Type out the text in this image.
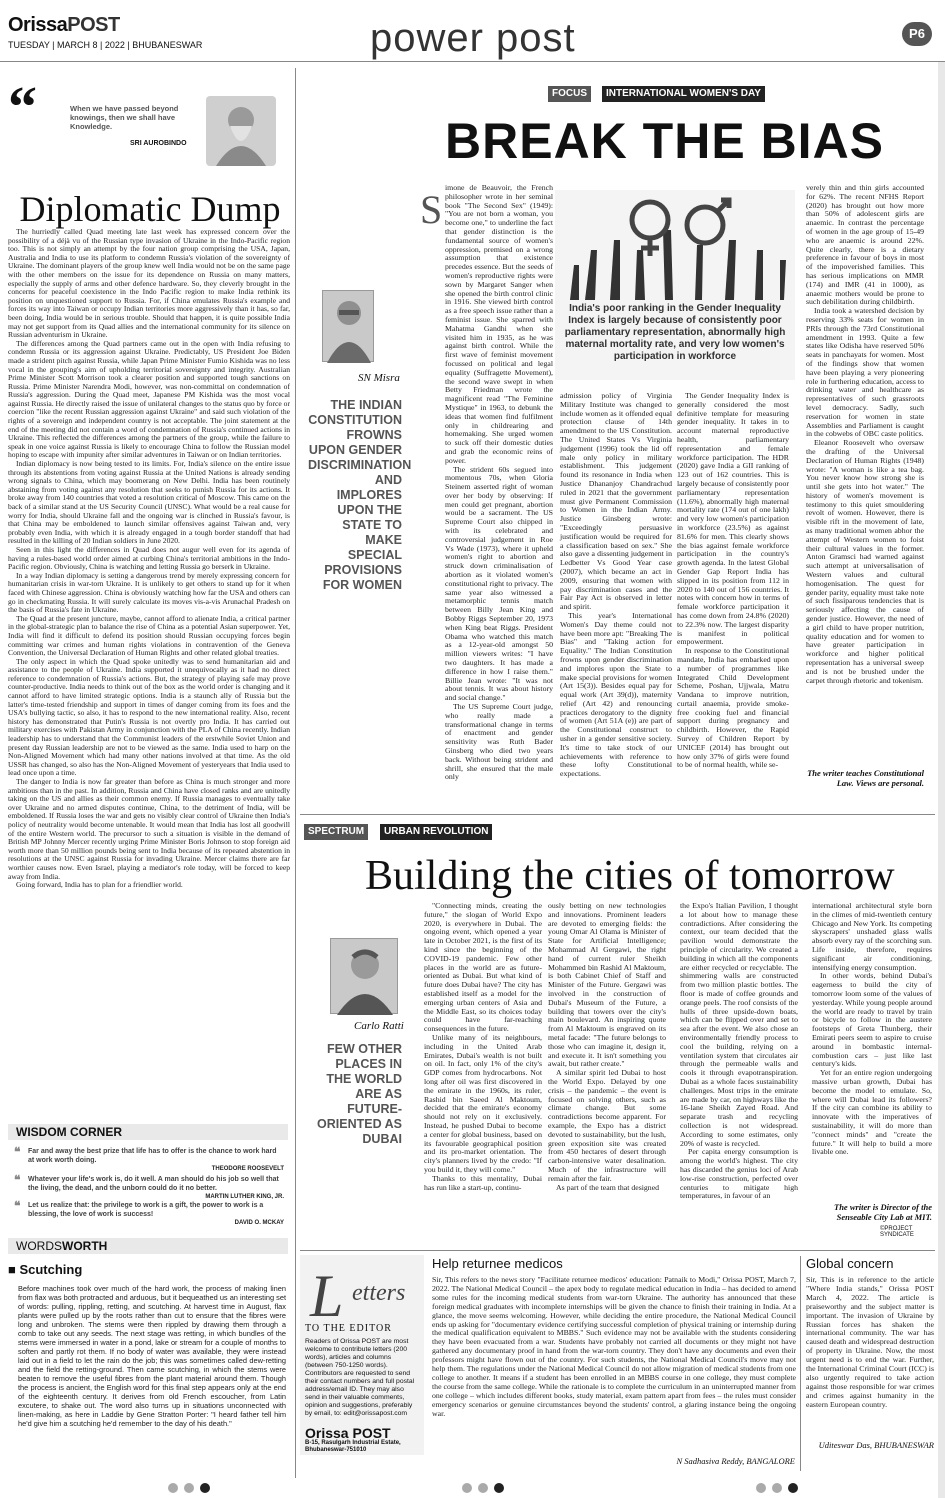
OrissaPOST
TUESDAY | MARCH 8 | 2022 | BHUBANESWAR	power post	P6
“	When we have passed beyond knowings, then we shall have Knowledge.
SRI AUROBINDO
Diplomatic Dump

The hurriedly called Quad meeting late last week has expressed concern over the possibility of a déjà vu of the Russian type invasion of Ukraine in the Indo-Pacific region too. This is not simply an attempt by the four nation group comprising the USA, Japan, Australia and India to use its platform to condemn Russia's violation of the sovereignty of Ukraine. The dominant players of the group knew well India would not be on the same page with the other members on the issue for its dependence on Russia on many matters, especially the supply of arms and other defence hardware. So, they cleverly brought in the concerns for peaceful coexistence in the Indo Pacific region to make India rethink its position on unquestioned support to Russia. For, if China emulates Russia's example and forces its way into Taiwan or occupy Indian territories more aggressively than it has, so far, been doing, India would be in serious trouble. Should that happen, it is quite possible India may not get support from its Quad allies and the international community for its silence on Russian adventurism in Ukraine.

The differences among the Quad partners came out in the open with India refusing to condemn Russia or its aggression against Ukraine. Predictably, US President Joe Biden made a strident pitch against Russia, while Japan Prime Minister Fumio Kishida was no less vocal in the grouping's aim of upholding territorial sovereignty and integrity. Australian Prime Minister Scott Morrison took a clearer position and supported tough sanctions on Russia. Prime Minister Narendra Modi, however, was non-committal on condemnation of Russia's aggression. During the Quad meet, Japanese PM Kishida was the most vocal against Russia. He directly raised the issue of unilateral changes to the status quo by force or coercion "like the recent Russian aggression against Ukraine" and said such violation of the rights of a sovereign and independent country is not acceptable. The joint statement at the end of the meeting did not contain a word of condemnation of Russia's continued actions in Ukraine. This reflected the differences among the partners of the group, while the failure to speak in one voice against Russia is likely to encourage China to follow the Russian model hoping to escape with impunity after similar adventures in Taiwan or on Indian territories.

Indian diplomacy is now being tested to its limits. For, India's silence on the entire issue through its abstentions from voting against Russia at the United Nations is already sending wrong signals to China, which may boomerang on New Delhi. India has been routinely abstaining from voting against any resolution that seeks to punish Russia for its actions. It broke away from 140 countries that voted a resolution critical of Moscow. This came on the back of a similar stand at the US Security Council (UNSC). What would be a real cause for worry for India, should Ukraine fall and the ongoing war is clinched in Russia's favour, is that China may be emboldened to launch similar offensives against Taiwan and, very probably even India, with which it is already engaged in a tough border standoff that had resulted in the killing of 20 Indian soldiers in June 2020.

Seen in this light the differences in Quad does not augur well even for its agenda of having a rules-based world order aimed at curbing China's territorial ambitions in the Indo-Pacific region. Obviously, China is watching and letting Russia go berserk in Ukraine.

In a way Indian diplomacy is setting a dangerous trend by merely expressing concern for humanitarian crisis in war-torn Ukraine. It is unlikely to get others to stand up for it when faced with Chinese aggression. China is obviously watching how far the USA and others can go in checkmating Russia. It will surely calculate its moves vis-a-vis Arunachal Pradesh on the basis of Russia's fate in Ukraine.

The Quad at the present juncture, maybe, cannot afford to alienate India, a critical partner in the global-strategic plan to balance the rise of China as a potential Asian superpower. Yet, India will find it difficult to defend its position should Russian occupying forces begin committing war crimes and human rights violations in contravention of the Geneva Convention, the Universal Declaration of Human Rights and other related global treaties.

The only aspect in which the Quad spoke unitedly was to send humanitarian aid and assistance to the people of Ukraine. India supported it unequivocally as it had no direct reference to condemnation of Russia's actions. But, the strategy of playing safe may prove counter-productive. India needs to think out of the box as the world order is changing and it cannot afford to have limited strategic options. India is a staunch ally of Russia but the latter's time-tested friendship and support in times of danger coming from its foes and the USA's bullying tactic, so also, it has to respond to the new international reality. Also, recent history has demonstrated that Putin's Russia is not overtly pro India. It has carried out military exercises with Pakistan Army in conjunction with the PLA of China recently. Indian leadership has to understand that the Communist leaders of the erstwhile Soviet Union and present day Russian leadership are not to be viewed as the same. India used to harp on the Non-Aligned Movement which had many other nations involved at that time. As the old USSR has changed, so also has the Non-Aligned Movement of yesteryears that India used to lead once upon a time.

The danger to India is now far greater than before as China is much stronger and more ambitious than in the past. In addition, Russia and China have closed ranks and are unitedly taking on the US and allies as their common enemy. If Russia manages to eventually take over Ukraine and no armed disputes continue, China, to the detriment of India, will be emboldened. If Russia loses the war and gets no visibly clear control of Ukraine then India's policy of neutrality would become untenable. It would mean that India has lost all goodwill of the entire Western world. The precursor to such a situation is visible in the demand of British MP Johnny Mercer recently urging Prime Minister Boris Johnson to stop foreign aid worth more than 50 million pounds being sent to India because of its repeated abstention in resolutions at the UNSC against Russia for invading Ukraine. Mercer claims there are far worthier causes now. Even Israel, playing a mediator's role today, will be forced to keep away from India.

Going forward, India has to plan for a friendlier world.

WISDOM CORNER
❝	Far and away the best prize that life has to offer is the chance to work hard at work worth doing.
THEODORE ROOSEVELT
❝	Whatever your life's work is, do it well. A man should do his job so well that the living, the dead, and the unborn could do it no better.
MARTIN LUTHER KING, JR.
❝	Let us realize that: the privilege to work is a gift, the power to work is a blessing, the love of work is success!
DAVID O. MCKAY
WORDSWORTH
■ Scutching
Before machines took over much of the hard work, the process of making linen from flax was both protracted and arduous, but it bequeathed us an interesting set of words: pulling, rippling, retting, and scutching. At harvest time in August, flax plants were pulled up by the roots rather than cut to ensure that the fibres were long and unbroken. The stems were then rippled by drawing them through a comb to take out any seeds. The next stage was retting, in which bundles of the stems were immersed in water in a pond, lake or stream for a couple of months to soften and partly rot them. If no body of water was available, they were instead laid out in a field to let the rain do the job; this was sometimes called dew-retting and the field the retting-ground. Then came scutching, in which the stems were beaten to remove the useful fibres from the plant material around them. Though the process is ancient, the English word for this final step appears only at the end of the eighteenth century. It derives from old French escoucher, from Latin excutere, to shake out. The word also turns up in situations unconnected with linen-making, as here in Laddie by Gene Stratton Porter: "I heard father tell him he'd give him a scutching he'd remember to the day of his death."
FOCUS	INTERNATIONAL WOMEN'S DAY
BREAK THE BIAS
SN Misra
THE INDIAN CONSTITUTION FROWNS UPON GENDER DISCRIMINATION AND IMPLORES UPON THE STATE TO MAKE SPECIAL PROVISIONS FOR WOMEN
India's poor ranking in the Gender Inequality Index is largely because of consistently poor parliamentary representation, abnormally high maternal mortality rate, and very low women's participation in workforce
S imone de Beauvoir, the French philosopher wrote in her seminal book "The Second Sex" (1949): "You are not born a woman, you become one," to underline the fact that gender distinction is the fundamental source of women's oppression, premised on a wrong assumption that existence precedes essence. But the seeds of women's reproductive rights were sown by Margaret Sanger when she opened the birth control clinic in 1916. She viewed birth control as a free speech issue rather than a feminist issue. She sparred with Mahatma Gandhi when she visited him in 1935, as he was against birth control. While the first wave of feminist movement focussed on political and legal equality (Suffragette Movement), the second wave swept in when Betty Friedman wrote the magnificent read "The Feminine Mystique" in 1963, to debunk the ideas that women find fulfilment only in childrearing and homemaking. She urged women to suck off their domestic duties and grab the economic reins of power.

The strident 60s segued into momentous 70s, when Gloria Steinem asserted right of woman over her body by observing: If men could get pregnant, abortion would be a sacrament. The US Supreme Court also chipped in with its celebrated and controversial judgement in Roe Vs Wade (1973), where it upheld women's right to abortion and struck down criminalisation of abortion as it violated women's constitutional right to privacy. The same year also witnessed a metamorphic tennis match between Billy Jean King and Bobby Riggs September 20, 1973 when King beat Riggs. President Obama who watched this match as a 12-year-old amongst 50 million viewers writes: "I have two daughters. It has made a difference in how I raise them." Billie Jean wrote: "It was not about tennis. It was about history and social change."

The US Supreme Court judge, who really made a transformational change in terms of enactment and gender sensitivity was Ruth Bader Ginsberg who died two years back. Without being strident and shrill, she ensured that the male only

admission policy of Virginia Military Institute was changed to include women as it offended equal protection clause of 14th amendment to the US Constitution. The United States Vs Virginia judgement (1996) took the lid off male only policy in military establishment. This judgement found its resonance in India when Justice Dhananjoy Chandrachud ruled in 2021 that the government must give Permanent Commission to Women in the Indian Army. Justice Ginsberg wrote: "Exceedingly persuasive justification would be required for a classification based on sex." She also gave a dissenting judgement in Ledbetter Vs Good Year case (2007), which became an act in 2009, ensuring that women with pay discrimination cases and the Fair Pay Act is observed in letter and spirit.

This year's International Women's Day theme could not have been more apt: "Breaking The Bias" and "Taking action for Equality." The Indian Constitution frowns upon gender discrimination and implores upon the State to make special provisions for women (Art 15(3)). Besides equal pay for equal work (Art 39(d)), maternity relief (Art 42) and renouncing practices derogatory to the dignity of women (Art 51A (e)) are part of the Constitutional construct to usher in a gender sensitive society. It's time to take stock of our achievements with reference to these lofty Constitutional expectations.

The Gender Inequality Index is generally considered the most definitive template for measuring gender inequality. It takes in to account maternal reproductive health, parliamentary representation and female workforce participation. The HDR (2020) gave India a GII ranking of 123 out of 162 countries. This is largely because of consistently poor parliamentary representation (11.6%), abnormally high maternal mortality rate (174 out of one lakh) and very low women's participation in workforce (23.5%) as against 81.6% for men. This clearly shows the bias against female workforce participation in the country's growth agenda. In the latest Global Gender Gap Report India has slipped in its position from 112 in 2020 to 140 out of 156 countries. It notes with concern how in terms of female workforce participation it has come down from 24.8% (2020) to 22.3% now. The largest disparity is manifest in political empowerment.

In response to the Constitutional mandate, India has embarked upon a number of programmes like Integrated Child Development Scheme, Poshan, Ujjwala, Matru Vandana to improve nutrition, curtail anaemia, provide smoke-free cooking fuel and financial support during pregnancy and childbirth. However, the Rapid Survey of Children Report by UNICEF (2014) has brought out how only 37% of girls were found to be of normal health, while se-

verely thin and thin girls accounted for 62%. The recent NFHS Report (2020) has brought out how more than 50% of adolescent girls are anaemic. In contrast the percentage of women in the age group of 15-49 who are anaemic is around 22%. Quite clearly, there is a dietary preference in favour of boys in most of the impoverished families. This has serious implications on MMR (174) and IMR (41 in 1000), as anaemic mothers would be prone to such debilitation during childbirth.

India took a watershed decision by reserving 33% seats for women in PRIs through the 73rd Constitutional amendment in 1993. Quite a few states like Odisha have reserved 50% seats in panchayats for women. Most of the findings show that women have been playing a very pioneering role in furthering education, access to drinking water and healthcare as representatives of such grassroots level democracy. Sadly, such reservation for women in state Assemblies and Parliament is caught in the cobwebs of OBC caste politics.

Eleanor Roosevelt who oversaw the drafting of the Universal Declaration of Human Rights (1948) wrote: "A woman is like a tea bag. You never know how strong she is until she gets into hot water." The history of women's movement is testimony to this quiet smouldering revolt of women. However, there is visible rift in the movement of late, as many traditional women abhor the attempt of Western women to foist their cultural values in the former. Anton Gramsci had warned against such attempt at universalisation of Western values and cultural homogenisation. The quest for gender parity, equality must take note of such fissiparous tendencies that is seriously affecting the cause of gender justice. However, the need of a girl child to have proper nutrition, quality education and for women to have greater participation in workforce and higher political representation has a universal sweep and is not be brushed under the carpet through rhetoric and tokenism.

The writer teaches Constitutional Law. Views are personal.
SPECTRUM	URBAN REVOLUTION
Building the cities of tomorrow
Carlo Ratti
FEW OTHER PLACES IN THE WORLD ARE AS FUTURE-ORIENTED AS DUBAI

"Connecting minds, creating the future," the slogan of World Expo 2020, is everywhere in Dubai. The ongoing event, which opened a year late in October 2021, is the first of its kind since the beginning of the COVID-19 pandemic. Few other places in the world are as future-oriented as Dubai. But what kind of future does Dubai have? The city has established itself as a model for the emerging urban centers of Asia and the Middle East, so its choices today could have far-reaching consequences in the future.

Unlike many of its neighbours, including in the United Arab Emirates, Dubai's wealth is not built on oil. In fact, only 1% of the city's GDP comes from hydrocarbons. Not long after oil was first discovered in the emirate in the 1960s, its ruler, Rashid bin Saeed Al Maktoum, decided that the emirate's economy should not rely on it exclusively. Instead, he pushed Dubai to become a center for global business, based on its favourable geographical position and its pro-market orientation. The city's planners lived by the credo: "If you build it, they will come."

Thanks to this mentality, Dubai has run like a start-up, continu-

ously betting on new technologies and innovations. Prominent leaders are devoted to emerging fields: the young Omar Al Olama is Minister of State for Artificial Intelligence; Mohammad Al Gergawi, the right hand of current ruler Sheikh Mohammed bin Rashid Al Maktoum, is both Cabinet Chief of Staff and Minister of the Future. Gergawi was involved in the construction of Dubai's Museum of the Future, a building that towers over the city's main boulevard. An inspiring quote from Al Maktoum is engraved on its metal facade: "The future belongs to those who can imagine it, design it, and execute it. It isn't something you await, but rather create."

A similar spirit led Dubai to host the World Expo. Delayed by one crisis – the pandemic – the event is focused on solving others, such as climate change. But some contradictions become apparent. For example, the Expo has a district devoted to sustainability, but the lush, green exposition site was created from 450 hectares of desert through carbon-intensive water desalination. Much of the infrastructure will remain after the fair.

As part of the team that designed

the Expo's Italian Pavilion, I thought a lot about how to manage these contradictions. After considering the context, our team decided that the pavilion would demonstrate the principle of circularity. We created a building in which all the components are either recycled or recyclable. The shimmering walls are constructed from two million plastic bottles. The floor is made of coffee grounds and orange peels. The roof consists of the hulls of three upside-down boats, which can be flipped over and set to sea after the event. We also chose an environmentally friendly process to cool the building, relying on a ventilation system that circulates air through the permeable walls and cools it through evapotranspiration. Dubai as a whole faces sustainability challenges. Most trips in the emirate are made by car, on highways like the 16-lane Sheikh Zayed Road. And separate trash and recycling collection is not widespread. According to some estimates, only 20% of waste is recycled.

Per capita energy consumption is among the world's highest. The city has discarded the genius loci of Arab low-rise construction, perfected over centuries to mitigate high temperatures, in favour of an

international architectural style born in the climes of mid-twentieth century Chicago and New York. Its competing skyscrapers' unshaded glass walls absorb every ray of the scorching sun. Life inside, therefore, requires significant air conditioning, intensifying energy consumption.

In other words, behind Dubai's eagerness to build the city of tomorrow loom some of the values of yesterday. While young people around the world are ready to travel by train or bicycle to follow in the austere footsteps of Greta Thunberg, their Emirati peers seem to aspire to cruise around in bombastic internal-combustion cars – just like last century's kids.

Yet for an entire region undergoing massive urban growth, Dubai has become the model to emulate. So, where will Dubai lead its followers? If the city can combine its ability to innovate with the imperatives of sustainability, it will do more than "connect minds" and "create the future." It will help to build a more livable one.

The writer is Director of the Senseable City Lab at MIT.
©PROJECT SYNDICATE
L etters
TO THE EDITOR
Readers of Orissa POST are most welcome to contribute letters (200 words), articles and columns (between 750-1250 words). Contributors are requested to send their contact numbers and full postal address/email ID. They may also send in their valuable comments, opinion and suggestions, preferably by email, to: edit@orissapost.com
Orissa POST
B-15, Rasulgarh Industrial Estate, Bhubaneswar-751010
Help returnee medicos
Sir, This refers to the news story "Facilitate returnee medicos' education: Patnaik to Modi," Orissa POST, March 7, 2022. The National Medical Council – the apex body to regulate medical education in India – has decided to amend some rules for the incoming medical students from war-torn Ukraine. The authority has announced that these foreign medical graduates with incomplete internships will be given the chance to finish their training in India. At a glance, the move seems welcoming. However, while deciding the entire procedure, the National Medical Council ends up asking for "documentary evidence certifying successful completion of physical training or internship during the medical qualification equivalent to MBBS." Such evidence may not be available with the students considering they have been evacuated from a war. Students have probably not carried all documents or they might not have gathered any documentary proof in hand from the war-torn country. They don't have any documents and even their professors might have flown out of the country. For such students, the National Medical Council's move may not help them. The regulations under the National Medical Council do not allow migration of medical students from one college to another. It means if a student has been enrolled in an MBBS course in one college, they must complete the course from the same college. While the rationale is to complete the curriculum in an uninterrupted manner from one college – which includes different books, study material, exam pattern apart from fees – the rules must consider emergency scenarios or genuine circumstances beyond the students' control, a glaring instance being the ongoing war.
N Sadhasiva Reddy, BANGALORE
Global concern
Sir, This is in reference to the article "Where India stands," Orissa POST March 4, 2022. The article is praiseworthy and the subject matter is important. The invasion of Ukraine by Russian forces has shaken the international community. The war has caused death and widespread destruction of property in Ukraine. Now, the most urgent need is to end the war. Further, the International Criminal Court (ICC) is also urgently required to take action against those responsible for war crimes and crimes against humanity in the eastern European country.
Uditeswar Das, BHUBANESWAR
